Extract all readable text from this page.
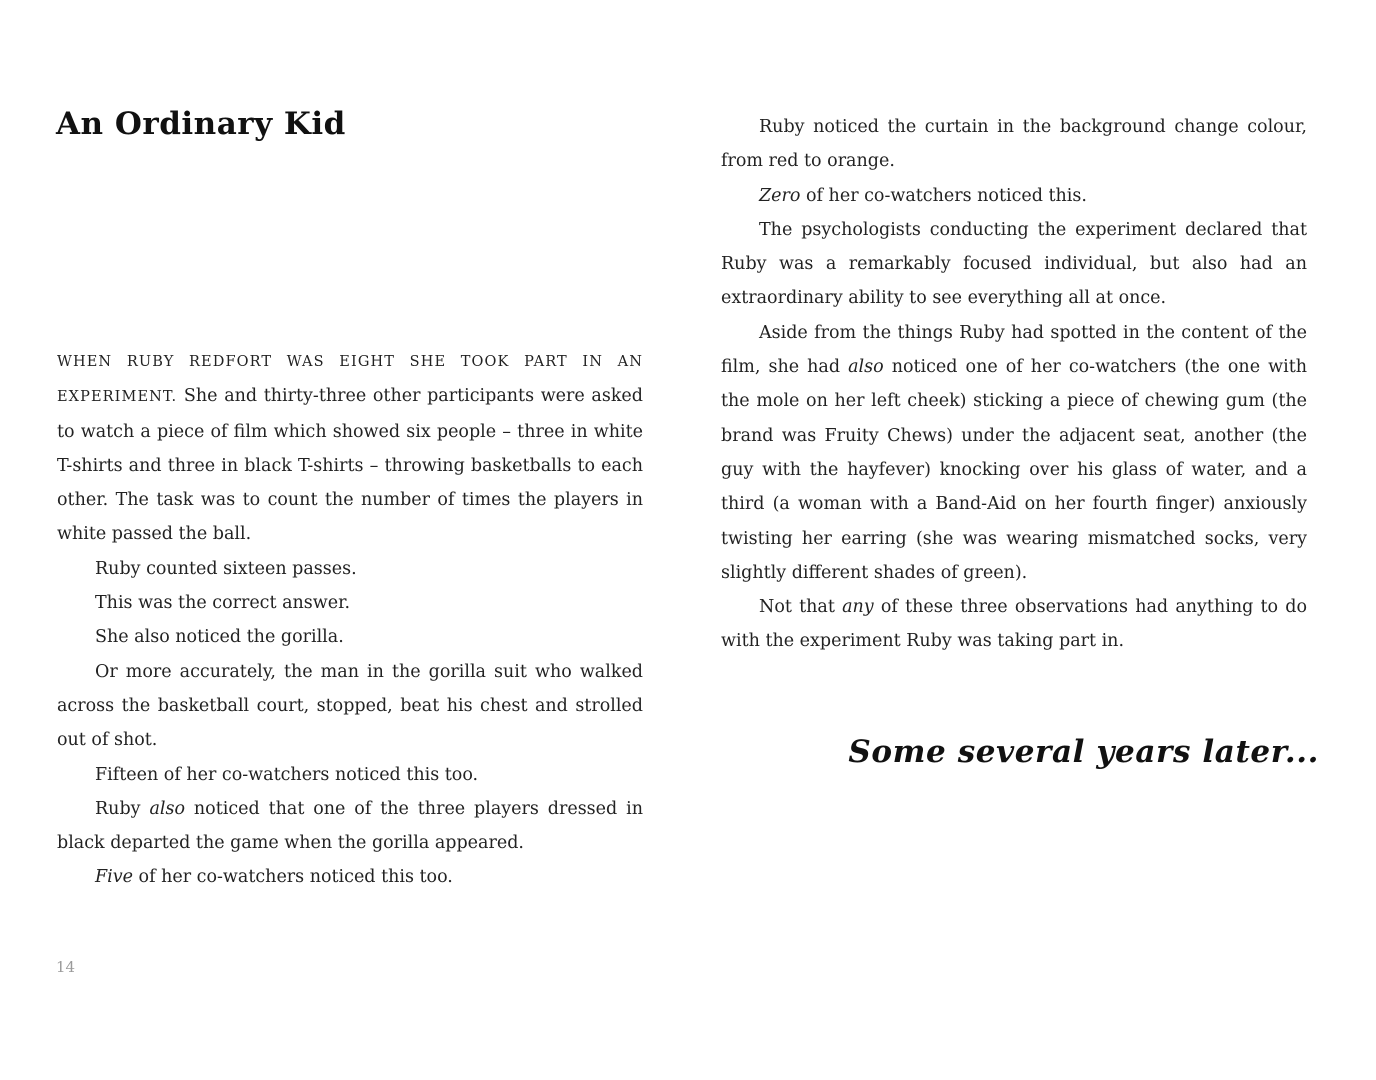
An Ordinary Kid

WHEN RUBY REDFORT WAS EIGHT SHE TOOK PART IN AN EXPERIMENT. She and thirty-three other participants were asked to watch a piece of film which showed six people – three in white T-shirts and three in black T-shirts – throwing basketballs to each other. The task was to count the number of times the players in white passed the ball.

Ruby counted sixteen passes.

This was the correct answer.

She also noticed the gorilla.

Or more accurately, the man in the gorilla suit who walked across the basketball court, stopped, beat his chest and strolled out of shot.

Fifteen of her co-watchers noticed this too.

Ruby also noticed that one of the three players dressed in black departed the game when the gorilla appeared.

Five of her co-watchers noticed this too.

14

Ruby noticed the curtain in the background change colour, from red to orange.

Zero of her co-watchers noticed this.

The psychologists conducting the experiment declared that Ruby was a remarkably focused individual, but also had an extraordinary ability to see everything all at once.

Aside from the things Ruby had spotted in the content of the film, she had also noticed one of her co-watchers (the one with the mole on her left cheek) sticking a piece of chewing gum (the brand was Fruity Chews) under the adjacent seat, another (the guy with the hayfever) knocking over his glass of water, and a third (a woman with a Band-Aid on her fourth finger) anxiously twisting her earring (she was wearing mismatched socks, very slightly different shades of green).

Not that any of these three observations had anything to do with the experiment Ruby was taking part in.

Some several years later...
